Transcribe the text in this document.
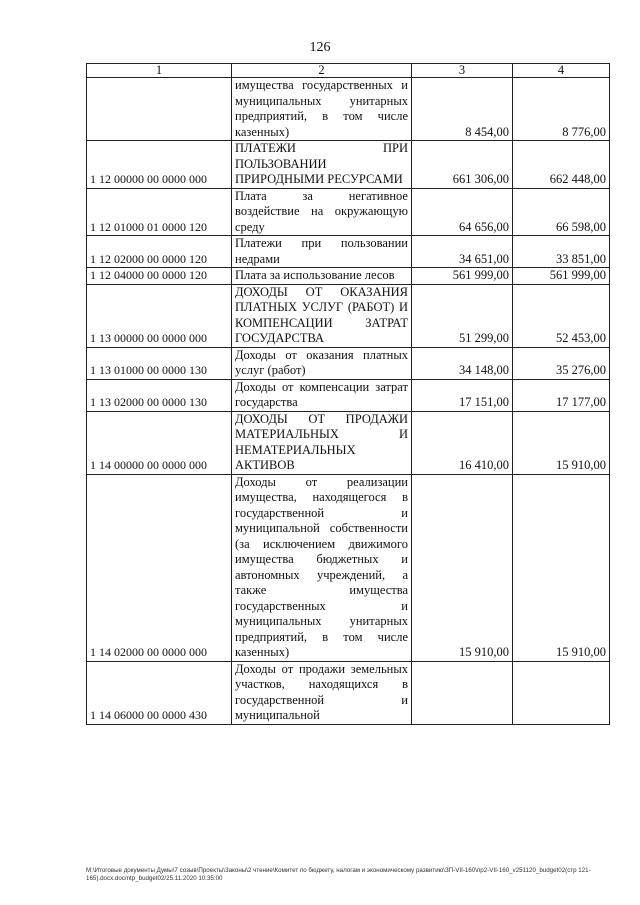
126
1	2	3	4
	имущества государственных и муниципальных унитарных предприятий, в том числе казенных)	8 454,00	8 776,00
1 12 00000 00 0000 000	ПЛАТЕЖИ ПРИ ПОЛЬЗОВАНИИ ПРИРОДНЫМИ РЕСУРСАМИ	661 306,00	662 448,00
1 12 01000 01 0000 120	Плата за негативное воздействие на окружающую среду	64 656,00	66 598,00
1 12 02000 00 0000 120	Платежи при пользовании недрами	34 651,00	33 851,00
1 12 04000 00 0000 120	Плата за использование лесов	561 999,00	561 999,00
1 13 00000 00 0000 000	ДОХОДЫ ОТ ОКАЗАНИЯ ПЛАТНЫХ УСЛУГ (РАБОТ) И КОМПЕНСАЦИИ ЗАТРАТ ГОСУДАРСТВА	51 299,00	52 453,00
1 13 01000 00 0000 130	Доходы от оказания платных услуг (работ)	34 148,00	35 276,00
1 13 02000 00 0000 130	Доходы от компенсации затрат государства	17 151,00	17 177,00
1 14 00000 00 0000 000	ДОХОДЫ ОТ ПРОДАЖИ МАТЕРИАЛЬНЫХ И НЕМАТЕРИАЛЬНЫХ АКТИВОВ	16 410,00	15 910,00
1 14 02000 00 0000 000	Доходы от реализации имущества, находящегося в государственной и муниципальной собственности (за исключением движимого имущества бюджетных и автономных учреждений, а также имущества государственных и муниципальных унитарных предприятий, в том числе казенных)	15 910,00	15 910,00
1 14 06000 00 0000 430	Доходы от продажи земельных участков, находящихся в государственной и муниципальной		
M:\Итоговые документы Думы\7 созыв\Проекты\Законы\2 чтение\Комитет по бюджету, налогам и экономическому развитию\ЗП-VII-160\пр2-VII-160_v251120_budget02(стр 121-165).docx.doc/ntp_budget02/25.11.2020 10:35:00
